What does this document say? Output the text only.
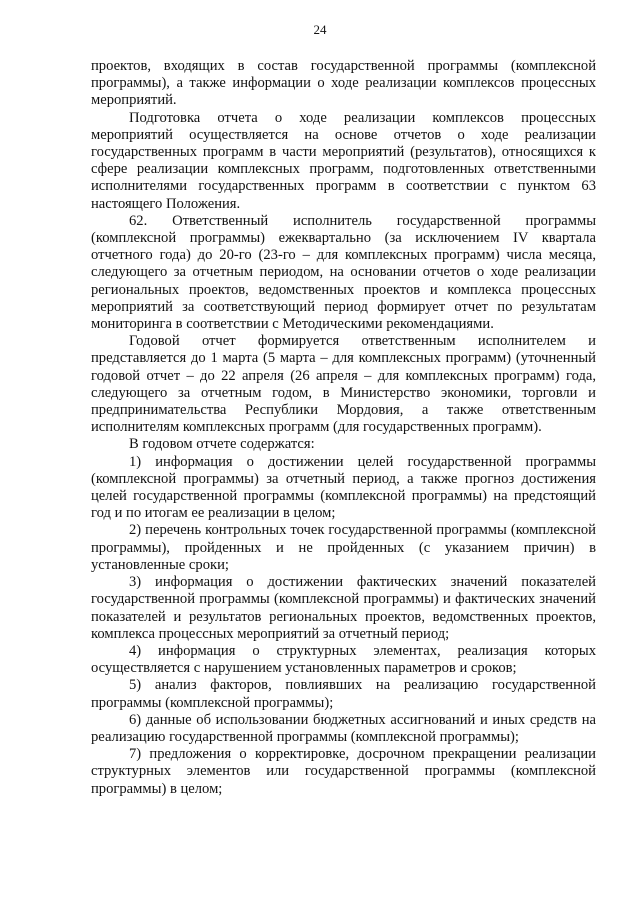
24

проектов, входящих в состав государственной программы (комплексной программы), а также информации о ходе реализации комплексов процессных мероприятий.

Подготовка отчета о ходе реализации комплексов процессных мероприятий осуществляется на основе отчетов о ходе реализации государственных программ в части мероприятий (результатов), относящихся к сфере реализации комплексных программ, подготовленных ответственными исполнителями государственных программ в соответствии с пунктом 63 настоящего Положения.

62. Ответственный исполнитель государственной программы (комплексной программы) ежеквартально (за исключением IV квартала отчетного года) до 20-го (23-го – для комплексных программ) числа месяца, следующего за отчетным периодом, на основании отчетов о ходе реализации региональных проектов, ведомственных проектов и комплекса процессных мероприятий за соответствующий период формирует отчет по результатам мониторинга в соответствии с Методическими рекомендациями.

Годовой отчет формируется ответственным исполнителем и представляется до 1 марта (5 марта – для комплексных программ) (уточненный годовой отчет – до 22 апреля (26 апреля – для комплексных программ) года, следующего за отчетным годом, в Министерство экономики, торговли и предпринимательства Республики Мордовия, а также ответственным исполнителям комплексных программ (для государственных программ).

В годовом отчете содержатся:

1) информация о достижении целей государственной программы (комплексной программы) за отчетный период, а также прогноз достижения целей государственной программы (комплексной программы) на предстоящий год и по итогам ее реализации в целом;

2) перечень контрольных точек государственной программы (комплексной программы), пройденных и не пройденных (с указанием причин) в установленные сроки;

3) информация о достижении фактических значений показателей государственной программы (комплексной программы) и фактических значений показателей и результатов региональных проектов, ведомственных проектов, комплекса процессных мероприятий за отчетный период;

4) информация о структурных элементах, реализация которых осуществляется с нарушением установленных параметров и сроков;

5) анализ факторов, повлиявших на реализацию государственной программы (комплексной программы);

6) данные об использовании бюджетных ассигнований и иных средств на реализацию государственной программы (комплексной программы);

7) предложения о корректировке, досрочном прекращении реализации структурных элементов или государственной программы (комплексной программы) в целом;
